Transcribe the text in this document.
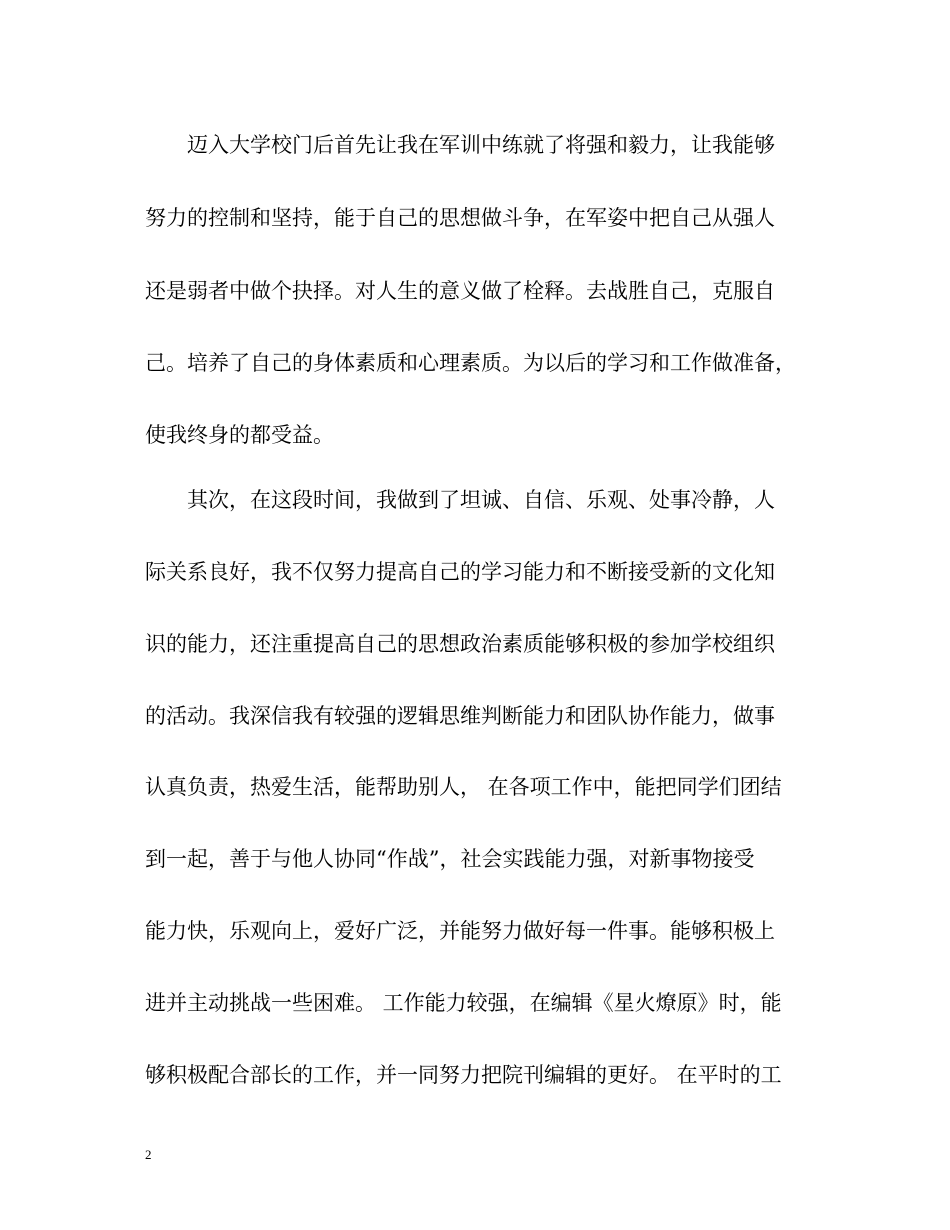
迈入大学校门后首先让我在军训中练就了将强和毅力，让我能够
努力的控制和坚持，能于自己的思想做斗争，在军姿中把自己从强人
还是弱者中做个抉择。对人生的意义做了栓释。去战胜自己，克服自
己。培养了自己的身体素质和心理素质。为以后的学习和工作做准备，
使我终身的都受益。
其次，在这段时间，我做到了坦诚、自信、乐观、处事冷静，人
际关系良好，我不仅努力提高自己的学习能力和不断接受新的文化知
识的能力，还注重提高自己的思想政治素质能够积极的参加学校组织
的活动。我深信我有较强的逻辑思维判断能力和团队协作能力，做事
认真负责，热爱生活，能帮助别人， 在各项工作中，能把同学们团结
到一起，善于与他人协同“作战”，社会实践能力强，对新事物接受
能力快，乐观向上，爱好广泛，并能努力做好每一件事。能够积极上
进并主动挑战一些困难。 工作能力较强，在编辑《星火燎原》时，能
够积极配合部长的工作，并一同努力把院刊编辑的更好。 在平时的工
2
